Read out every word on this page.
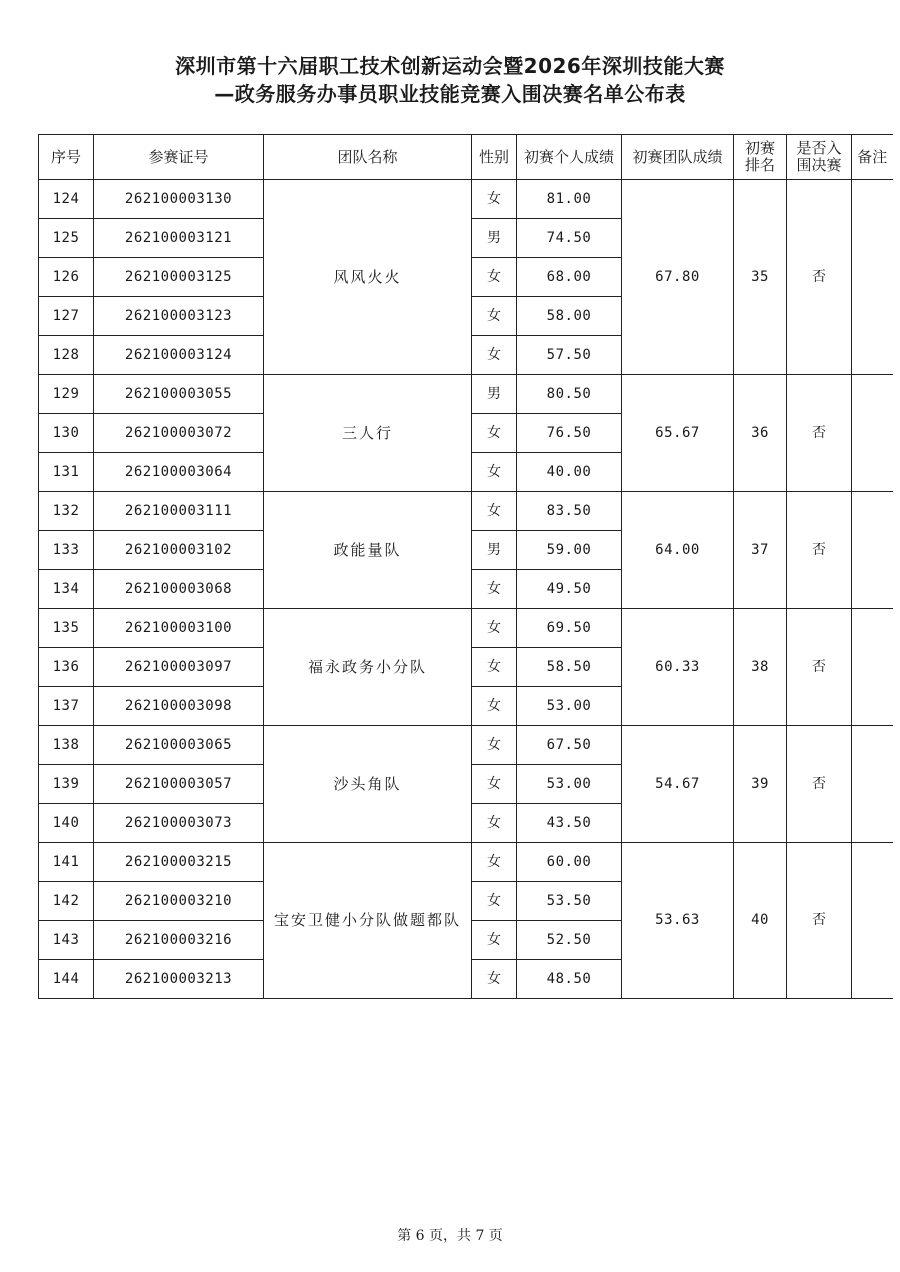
深圳市第十六届职工技术创新运动会暨2026年深圳技能大赛
—政务服务办事员职业技能竞赛入围决赛名单公布表
序号	参赛证号	团队名称	性别	初赛个人成绩	初赛团队成绩	初赛排名	是否入围决赛	备注
124	262100003130	风风火火	女	81.00	67.80	35	否	
125	262100003121		男	74.50				
126	262100003125		女	68.00				
127	262100003123		女	58.00				
128	262100003124		女	57.50				
129	262100003055	三人行	男	80.50	65.67	36	否	
130	262100003072		女	76.50				
131	262100003064		女	40.00				
132	262100003111	政能量队	女	83.50	64.00	37	否	
133	262100003102		男	59.00				
134	262100003068		女	49.50				
135	262100003100	福永政务小分队	女	69.50	60.33	38	否	
136	262100003097		女	58.50				
137	262100003098		女	53.00				
138	262100003065	沙头角队	女	67.50	54.67	39	否	
139	262100003057		女	53.00				
140	262100003073		女	43.50				
141	262100003215	宝安卫健小分队做题都队	女	60.00	53.63	40	否	
142	262100003210		女	53.50				
143	262100003216		女	52.50				
144	262100003213		女	48.50				
第 6 页，共 7 页
